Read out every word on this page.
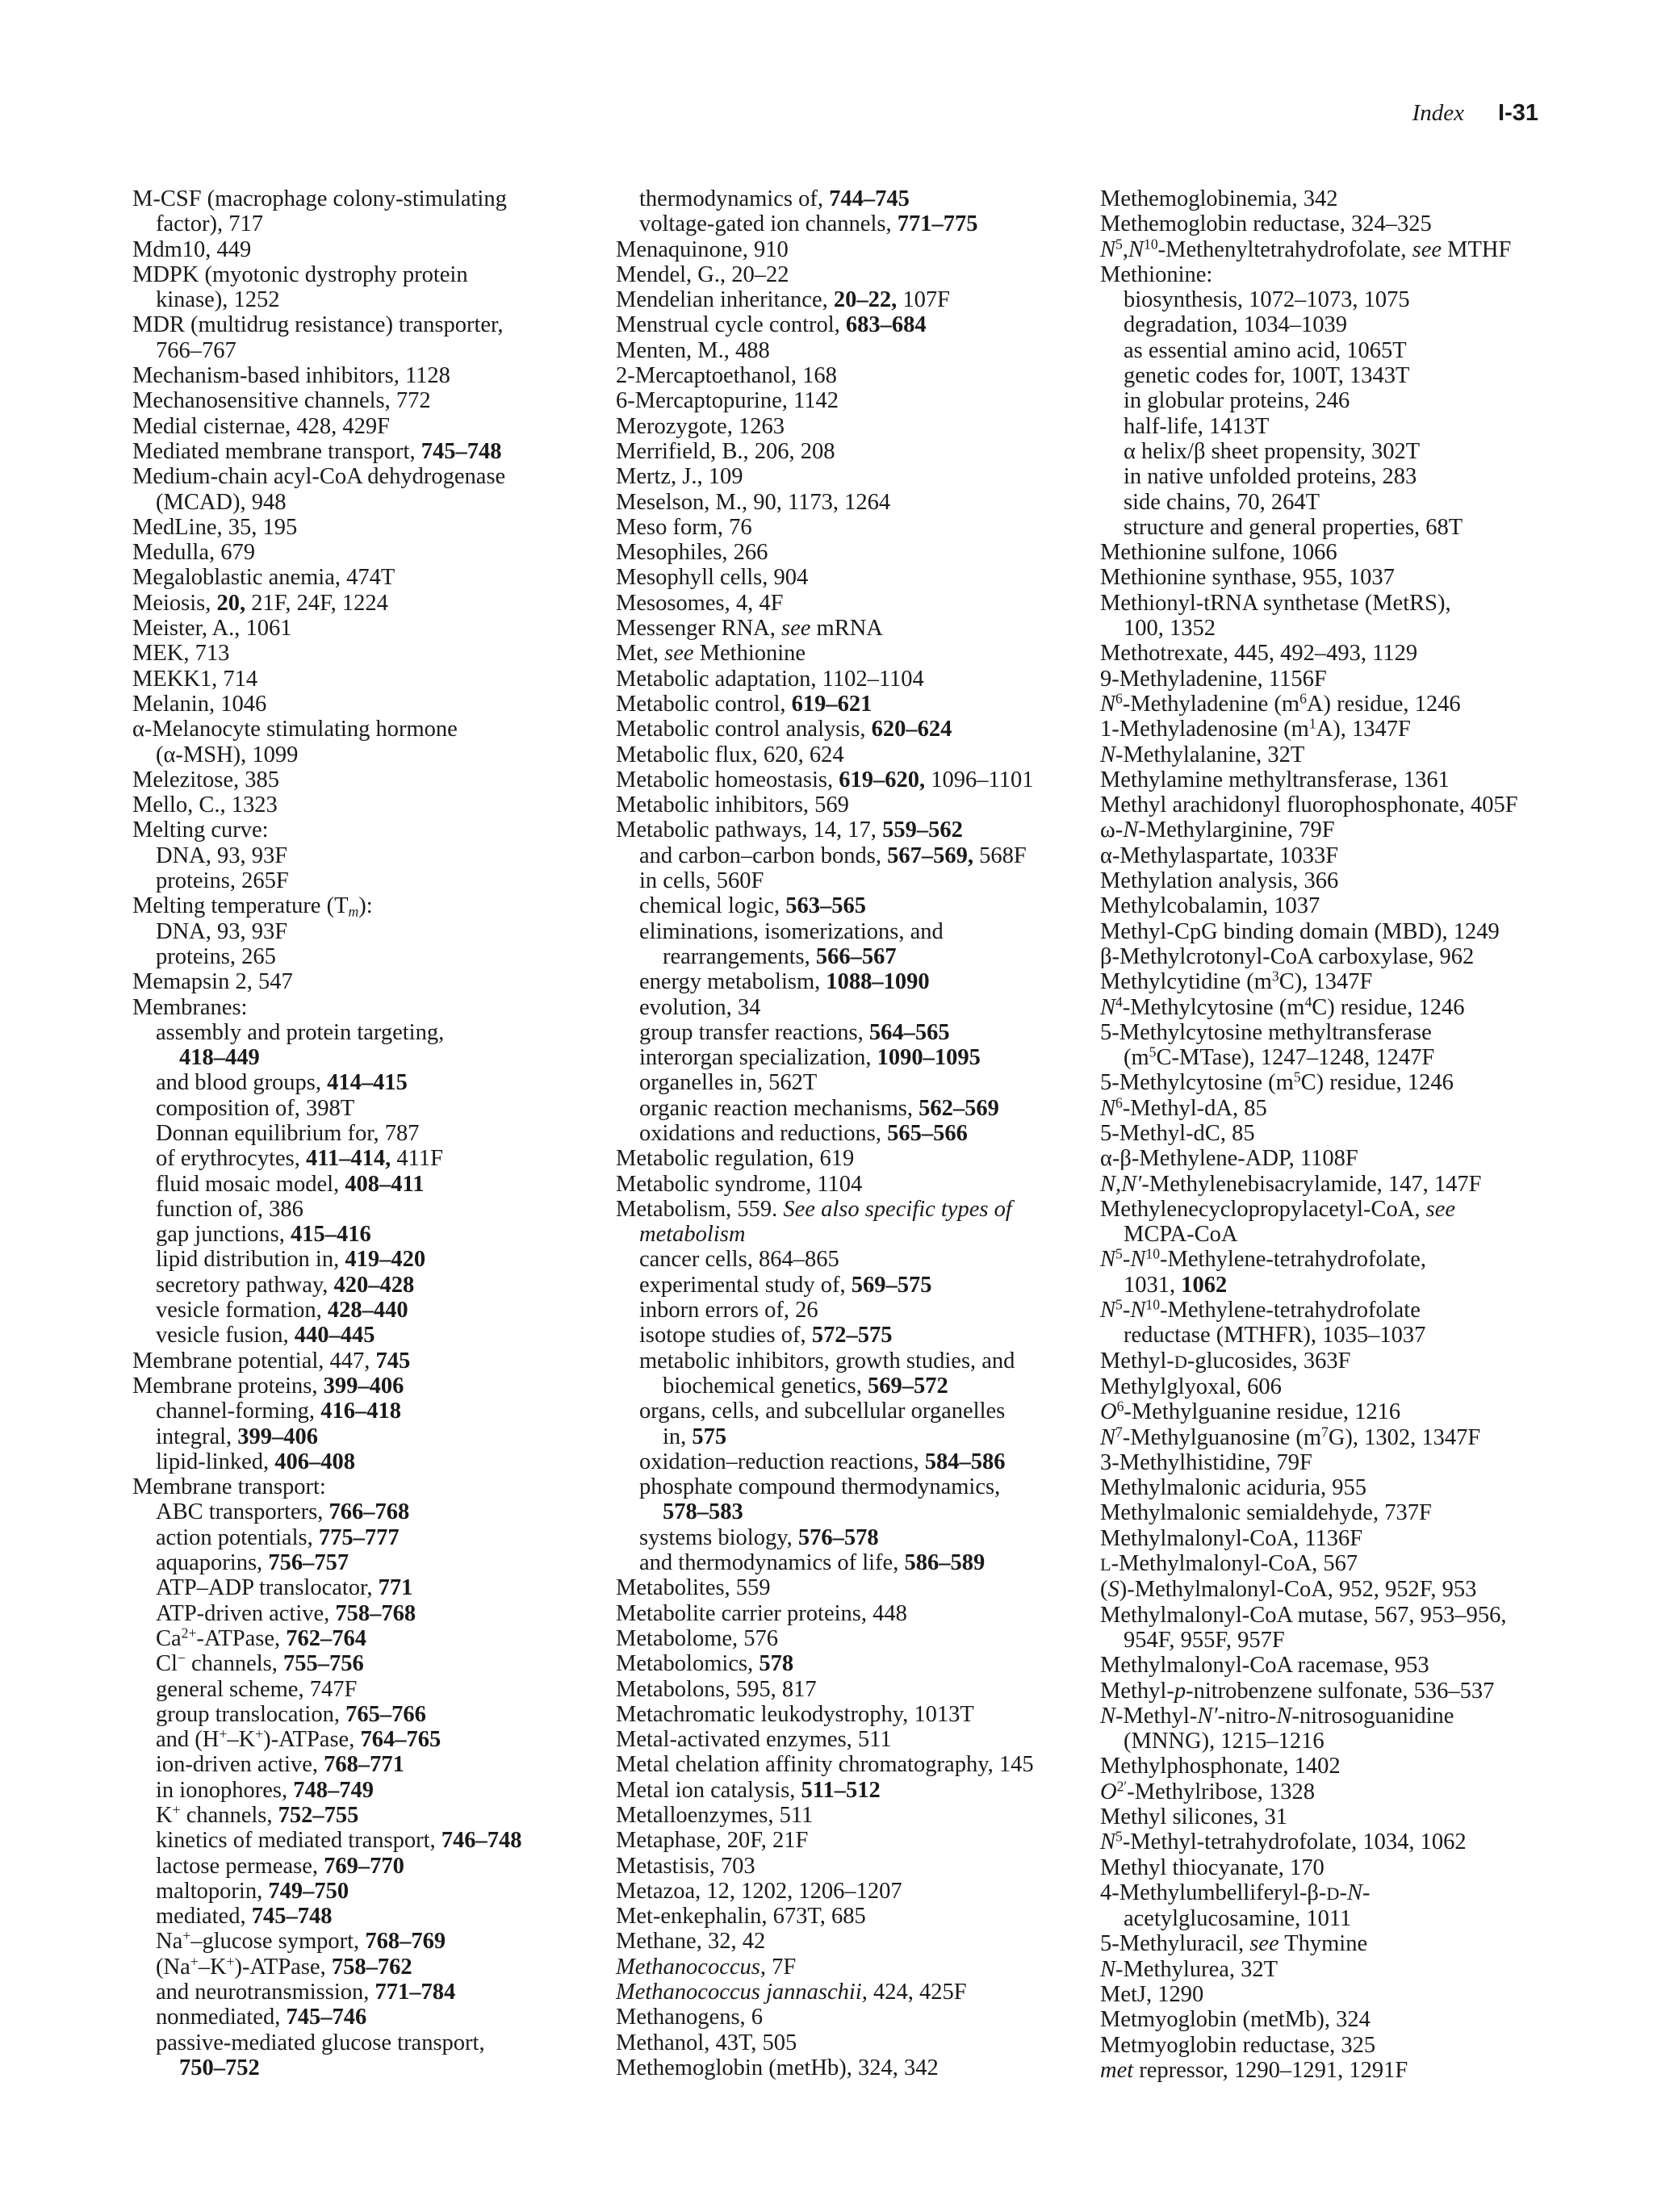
Index I-31
M-CSF (macrophage colony-stimulating
factor), 717
Mdm10, 449
MDPK (myotonic dystrophy protein
kinase), 1252
MDR (multidrug resistance) transporter,
766–767
Mechanism-based inhibitors, 1128
Mechanosensitive channels, 772
Medial cisternae, 428, 429F
Mediated membrane transport, 745–748
Medium-chain acyl-CoA dehydrogenase
(MCAD), 948
MedLine, 35, 195
Medulla, 679
Megaloblastic anemia, 474T
Meiosis, 20, 21F, 24F, 1224
Meister, A., 1061
MEK, 713
MEKK1, 714
Melanin, 1046
α-Melanocyte stimulating hormone
(α-MSH), 1099
Melezitose, 385
Mello, C., 1323
Melting curve:
DNA, 93, 93F
proteins, 265F
Melting temperature $(T_m)$:
DNA, 93, 93F
proteins, 265
Memapsin 2, 547
Membranes:
assembly and protein targeting,
418–449
and blood groups, 414–415
composition of, 398T
Donnan equilibrium for, 787
of erythrocytes, 411–414, 411F
fluid mosaic model, 408–411
function of, 386
gap junctions, 415–416
lipid distribution in, 419–420
secretory pathway, 420–428
vesicle formation, 428–440
vesicle fusion, 440–445
Membrane potential, 447, 745
Membrane proteins, 399–406
channel-forming, 416–418
integral, 399–406
lipid-linked, 406–408
Membrane transport:
ABC transporters, 766–768
action potentials, 775–777
aquaporins, 756–757
ATP–ADP translocator, 771
ATP-driven active, 758–768
$Ca^{2+}$-ATPase, 762–764
Cl− channels, 755–756
general scheme, 747F
group translocation, 765–766
and (H+–K+)-ATPase, 764–765
ion-driven active, 768–771
in ionophores, 748–749
K+ channels, 752–755
kinetics of mediated transport, 746–748
lactose permease, 769–770
maltoporin, 749–750
mediated, 745–748
Na+–glucose symport, 768–769
(Na+–K+)-ATPase, 758–762
and neurotransmission, 771–784
nonmediated, 745–746
passive-mediated glucose transport,
750–752
thermodynamics of, 744–745
voltage-gated ion channels, 771–775
Menaquinone, 910
Mendel, G., 20–22
Mendelian inheritance, 20–22, 107F
Menstrual cycle control, 683–684
Menten, M., 488
2-Mercaptoethanol, 168
6-Mercaptopurine, 1142
Merozygote, 1263
Merrifield, B., 206, 208
Mertz, J., 109
Meselson, M., 90, 1173, 1264
Meso form, 76
Mesophiles, 266
Mesophyll cells, 904
Mesosomes, 4, 4F
Messenger RNA, see mRNA
Met, see Methionine
Metabolic adaptation, 1102–1104
Metabolic control, 619–621
Metabolic control analysis, 620–624
Metabolic flux, 620, 624
Metabolic homeostasis, 619–620, 1096–1101
Metabolic inhibitors, 569
Metabolic pathways, 14, 17, 559–562
and carbon–carbon bonds, 567–569, 568F
in cells, 560F
chemical logic, 563–565
eliminations, isomerizations, and
rearrangements, 566–567
energy metabolism, 1088–1090
evolution, 34
group transfer reactions, 564–565
interorgan specialization, 1090–1095
organelles in, 562T
organic reaction mechanisms, 562–569
oxidations and reductions, 565–566
Metabolic regulation, 619
Metabolic syndrome, 1104
Metabolism, 559. See also specific types of
metabolism
cancer cells, 864–865
experimental study of, 569–575
inborn errors of, 26
isotope studies of, 572–575
metabolic inhibitors, growth studies, and
biochemical genetics, 569–572
organs, cells, and subcellular organelles
in, 575
oxidation–reduction reactions, 584–586
phosphate compound thermodynamics,
578–583
systems biology, 576–578
and thermodynamics of life, 586–589
Metabolites, 559
Metabolite carrier proteins, 448
Metabolome, 576
Metabolomics, 578
Metabolons, 595, 817
Metachromatic leukodystrophy, 1013T
Metal-activated enzymes, 511
Metal chelation affinity chromatography, 145
Metal ion catalysis, 511–512
Metalloenzymes, 511
Metaphase, 20F, 21F
Metastisis, 703
Metazoa, 12, 1202, 1206–1207
Met-enkephalin, 673T, 685
Methane, 32, 42
Methanococcus, 7F
Methanococcus jannaschii, 424, 425F
Methanogens, 6
Methanol, 43T, 505
Methemoglobin (metHb), 324, 342
Methemoglobinemia, 342
Methemoglobin reductase, 324–325
$N^5,N^{10}$-Methenyltetrahydrofolate, see MTHF
Methionine:
biosynthesis, 1072–1073, 1075
degradation, 1034–1039
as essential amino acid, 1065T
genetic codes for, 100T, 1343T
in globular proteins, 246
half-life, 1413T
α helix/β sheet propensity, 302T
in native unfolded proteins, 283
side chains, 70, 264T
structure and general properties, 68T
Methionine sulfone, 1066
Methionine synthase, 955, 1037
Methionyl-tRNA synthetase (MetRS),
100, 1352
Methotrexate, 445, 492–493, 1129
9-Methyladenine, 1156F
$N^6$-Methyladenine $(m^6A)$ residue, 1246
1-Methyladenosine $(m^1A)$, 1347F
N-Methylalanine, 32T
Methylamine methyltransferase, 1361
Methyl arachidonyl fluorophosphonate, 405F
ω-N-Methylarginine, 79F
α-Methylaspartate, 1033F
Methylation analysis, 366
Methylcobalamin, 1037
Methyl-CpG binding domain (MBD), 1249
β-Methylcrotonyl-CoA carboxylase, 962
Methylcytidine $(m^3C)$, 1347F
$N^4$-Methylcytosine $(m^4C)$ residue, 1246
5-Methylcytosine methyltransferase
$(m^5C-MTase)$, 1247–1248, 1247F
5-Methylcytosine $(m^5C)$ residue, 1246
$N^6-Methyl-dA$, 85
5-Methyl-dC, 85
α-β-Methylene-ADP, 1108F
N,N′-Methylenebisacrylamide, 147, 147F
Methylenecyclopropylacetyl-CoA, see
MCPA-CoA
$N^5-N^{10}-Methylene$-tetrahydrofolate,
1031, 1062
$N^5-N^{10}-Methylene$-tetrahydrofolate
reductase (MTHFR), 1035–1037
Methyl-D-glucosides, 363F
Methylglyoxal, 606
$O^6$-Methylguanine residue, 1216
$N^7$-Methylguanosine $(m^7G)$, 1302, 1347F
3-Methylhistidine, 79F
Methylmalonic aciduria, 955
Methylmalonic semialdehyde, 737F
Methylmalonyl-CoA, 1136F
L-Methylmalonyl-CoA, 567
(S)-Methylmalonyl-CoA, 952, 952F, 953
Methylmalonyl-CoA mutase, 567, 953–956,
954F, 955F, 957F
Methylmalonyl-CoA racemase, 953
Methyl-p-nitrobenzene sulfonate, 536–537
N-Methyl-N′-nitro-N-nitrosoguanidine
(MNNG), 1215–1216
Methylphosphonate, 1402
$O^{2'}$-Methylribose, 1328
Methyl silicones, 31
$N^5-Methyl$-tetrahydrofolate, 1034, 1062
Methyl thiocyanate, 170
4-Methylumbelliferyl-β-D-N-
acetylglucosamine, 1011
5-Methyluracil, see Thymine
N-Methylurea, 32T
MetJ, 1290
Metmyoglobin (metMb), 324
Metmyoglobin reductase, 325
met repressor, 1290–1291, 1291F
